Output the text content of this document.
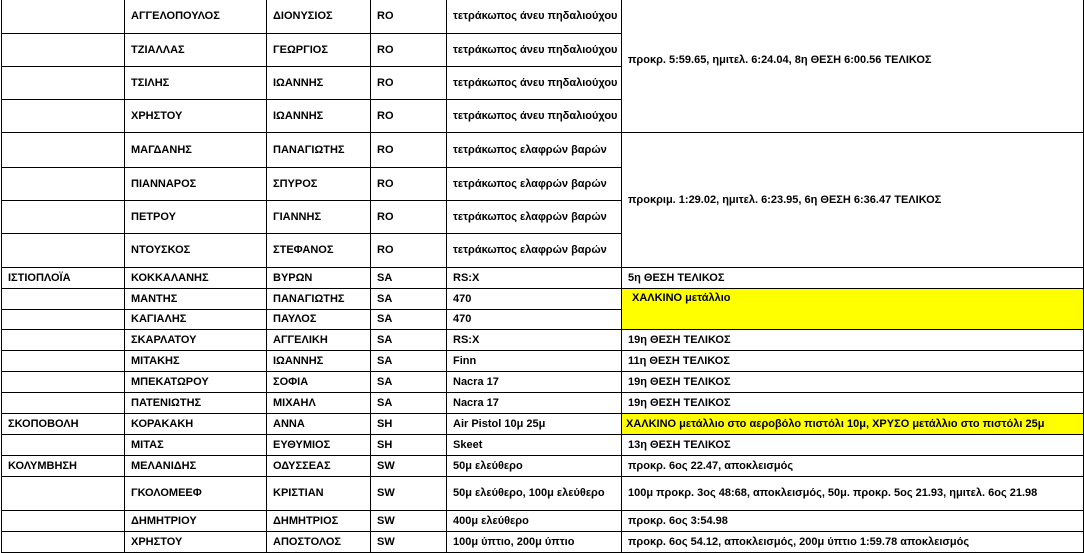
	ΑΓΓΕΛΟΠΟΥΛΟΣ	ΔΙΟΝΥΣΙΟΣ	RO	τετράκωπος άνευ πηδαλιούχου	προκρ. 5:59.65, ημιτελ. 6:24.04, 8η ΘΕΣΗ 6:00.56 ΤΕΛΙΚΟΣ
	ΤΖΙΑΛΛΑΣ	ΓΕΩΡΓΙΟΣ	RO	τετράκωπος άνευ πηδαλιούχου	
	ΤΣΙΛΗΣ	ΙΩΑΝΝΗΣ	RO	τετράκωπος άνευ πηδαλιούχου	
	ΧΡΗΣΤΟΥ	ΙΩΑΝΝΗΣ	RO	τετράκωπος άνευ πηδαλιούχου	
	ΜΑΓΔΑΝΗΣ	ΠΑΝΑΓΙΩΤΗΣ	RO	τετράκωπος ελαφρών βαρών	προκριμ. 1:29.02, ημιτελ. 6:23.95, 6η ΘΕΣΗ 6:36.47 ΤΕΛΙΚΟΣ
	ΠΙΑΝΝΑΡΟΣ	ΣΠΥΡΟΣ	RO	τετράκωπος ελαφρών βαρών	
	ΠΕΤΡΟΥ	ΓΙΑΝΝΗΣ	RO	τετράκωπος ελαφρών βαρών	
	ΝΤΟΥΣΚΟΣ	ΣΤΕΦΑΝΟΣ	RO	τετράκωπος ελαφρών βαρών	
ΙΣΤΙΟΠΛΟΪΑ	ΚΟΚΚΑΛΑΝΗΣ	ΒΥΡΩΝ	SA	RS:X	5η ΘΕΣΗ ΤΕΛΙΚΟΣ
	ΜΑΝΤΗΣ	ΠΑΝΑΓΙΩΤΗΣ	SA	470	ΧΑΛΚΙΝΟ μετάλλιο
	ΚΑΓΙΑΛΗΣ	ΠΑΥΛΟΣ	SA	470	
	ΣΚΑΡΛΑΤΟΥ	ΑΓΓΕΛΙΚΗ	SA	RS:X	19η ΘΕΣΗ ΤΕΛΙΚΟΣ
	ΜΙΤΑΚΗΣ	ΙΩΑΝΝΗΣ	SA	Finn	11η ΘΕΣΗ ΤΕΛΙΚΟΣ
	ΜΠΕΚΑΤΩΡΟΥ	ΣΟΦΙΑ	SA	Nacra 17	19η ΘΕΣΗ ΤΕΛΙΚΟΣ
	ΠΑΤΕΝΙΩΤΗΣ	ΜΙΧΑΗΛ	SA	Nacra 17	19η ΘΕΣΗ ΤΕΛΙΚΟΣ
ΣΚΟΠΟΒΟΛΗ	ΚΟΡΑΚΑΚΗ	ΑΝΝΑ	SH	Air Pistol 10μ 25μ	ΧΑΛΚΙΝΟ μετάλλιο στο αεροβόλο πιστόλι 10μ, ΧΡΥΣΟ μετάλλιο στο πιστόλι 25μ
	ΜΙΤΑΣ	ΕΥΘΥΜΙΟΣ	SH	Skeet	13η ΘΕΣΗ ΤΕΛΙΚΟΣ
ΚΟΛΥΜΒΗΣΗ	ΜΕΛΑΝΙΔΗΣ	ΟΔΥΣΣΕΑΣ	SW	50μ ελεύθερο	προκρ. 6ος 22.47, αποκλεισμός
	ΓΚΟΛΟΜΕΕΦ	ΚΡΙΣΤΙΑΝ	SW	50μ ελεύθερο, 100μ ελεύθερο	100μ προκρ. 3ος 48:68, αποκλεισμός, 50μ. προκρ. 5ος 21.93, ημιτελ. 6ος 21.98
	ΔΗΜΗΤΡΙΟΥ	ΔΗΜΗΤΡΙΟΣ	SW	400μ ελεύθερο	προκρ. 6ος 3:54.98
	ΧΡΗΣΤΟΥ	ΑΠΟΣΤΟΛΟΣ	SW	100μ ύπτιο, 200μ ύπτιο	προκρ. 6ος 54.12, αποκλεισμός, 200μ ύπτιο 1:59.78 αποκλεισμός
